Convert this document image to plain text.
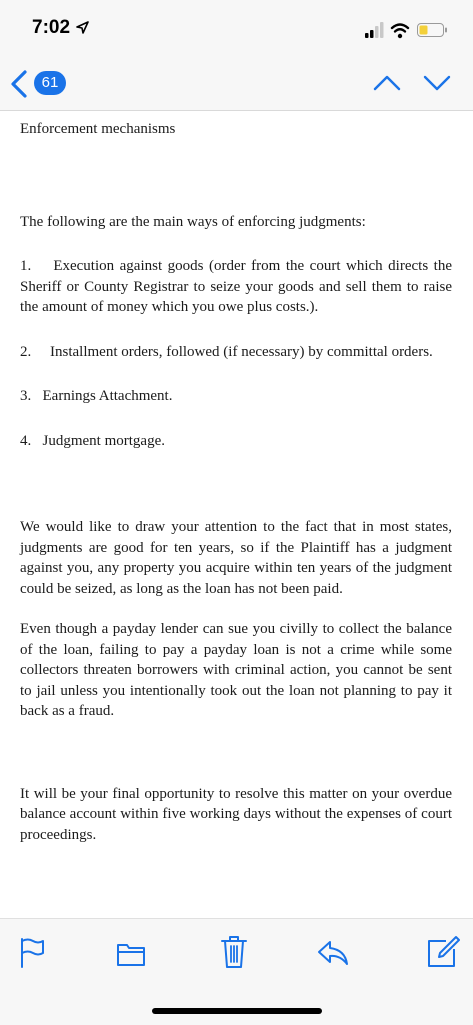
7:02
61

Enforcement mechanisms

The following are the main ways of enforcing judgments:

1. Execution against goods (order from the court which directs the Sheriff or County Registrar to seize your goods and sell them to raise the amount of money which you owe plus costs.).

2. Installment orders, followed (if necessary) by committal orders.

3. Earnings Attachment.

4. Judgment mortgage.

We would like to draw your attention to the fact that in most states, judgments are good for ten years, so if the Plaintiff has a judgment against you, any property you acquire within ten years of the judgment could be seized, as long as the loan has not been paid.

Even though a payday lender can sue you civilly to collect the balance of the loan, failing to pay a payday loan is not a crime while some collectors threaten borrowers with criminal action, you cannot be sent to jail unless you intentionally took out the loan not planning to pay it back as a fraud.

It will be your final opportunity to resolve this matter on your overdue balance account within five working days without the expenses of court proceedings.
